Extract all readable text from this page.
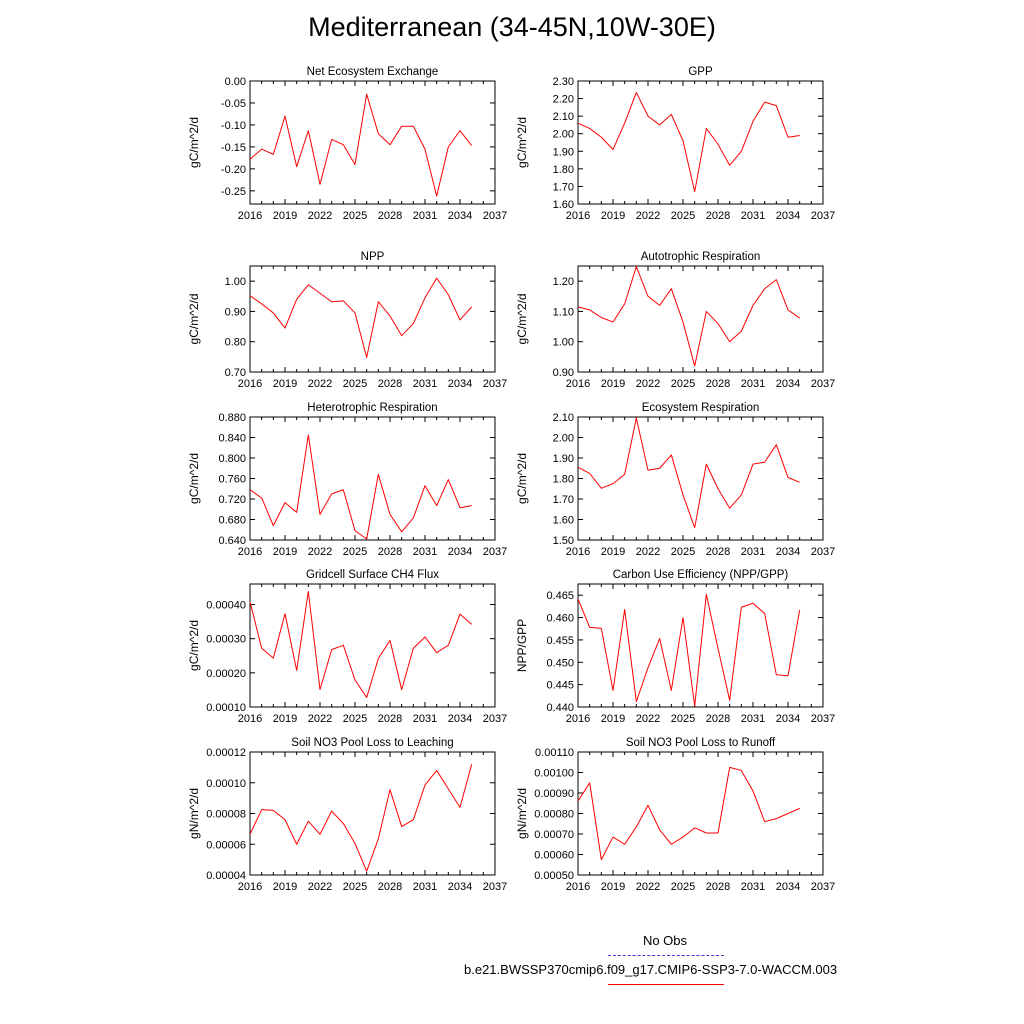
Mediterranean (34-45N,10W-30E)
Net Ecosystem Exchange
gC/m^2/d
2016 2019 2022 2025 2028 2031 2034 2037
0.00
-0.05
-0.10
-0.15
-0.20
-0.25
GPP
gC/m^2/d
2016 2019 2022 2025 2028 2031 2034 2037
1.60
1.70
1.80
1.90
2.00
2.10
2.20
2.30
NPP
gC/m^2/d
2016 2019 2022 2025 2028 2031 2034 2037
0.70
0.80
0.90
1.00
Autotrophic Respiration
gC/m^2/d
2016 2019 2022 2025 2028 2031 2034 2037
0.90
1.00
1.10
1.20
Heterotrophic Respiration
gC/m^2/d
2016 2019 2022 2025 2028 2031 2034 2037
0.640
0.680
0.720
0.760
0.800
0.840
0.880
Ecosystem Respiration
gC/m^2/d
2016 2019 2022 2025 2028 2031 2034 2037
1.50
1.60
1.70
1.80
1.90
2.00
2.10
Gridcell Surface CH4 Flux
gC/m^2/d
2016 2019 2022 2025 2028 2031 2034 2037
0.00010
0.00020
0.00030
0.00040
Carbon Use Efficiency (NPP/GPP)
NPP/GPP
2016 2019 2022 2025 2028 2031 2034 2037
0.440
0.445
0.450
0.455
0.460
0.465
Soil NO3 Pool Loss to Leaching
gN/m^2/d
2016 2019 2022 2025 2028 2031 2034 2037
0.00004
0.00006
0.00008
0.00010
0.00012
Soil NO3 Pool Loss to Runoff
gN/m^2/d
2016 2019 2022 2025 2028 2031 2034 2037
0.00050
0.00060
0.00070
0.00080
0.00090
0.00100
0.00110
No Obs
b.e21.BWSSP370cmip6.f09_g17.CMIP6-SSP3-7.0-WACCM.003
